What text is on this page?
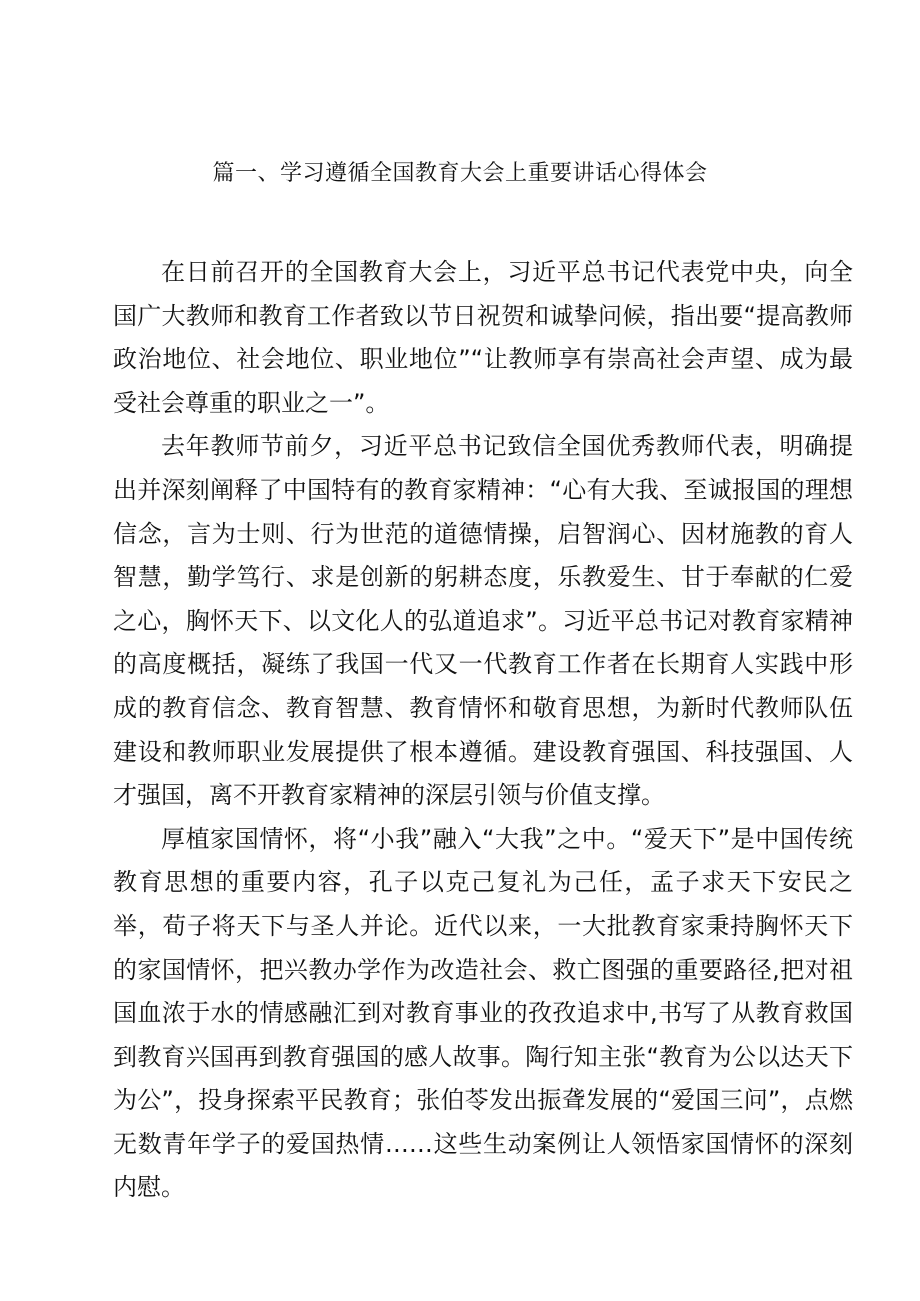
篇一、学习遵循全国教育大会上重要讲话心得体会

在日前召开的全国教育大会上，习近平总书记代表党中央，向全国广大教师和教育工作者致以节日祝贺和诚挚问候，指出要“提高教师政治地位、社会地位、职业地位”“让教师享有崇高社会声望、成为最受社会尊重的职业之一”。

去年教师节前夕，习近平总书记致信全国优秀教师代表，明确提出并深刻阐释了中国特有的教育家精神：“心有大我、至诚报国的理想信念，言为士则、行为世范的道德情操，启智润心、因材施教的育人智慧，勤学笃行、求是创新的躬耕态度，乐教爱生、甘于奉献的仁爱之心，胸怀天下、以文化人的弘道追求”。习近平总书记对教育家精神的高度概括，凝练了我国一代又一代教育工作者在长期育人实践中形成的教育信念、教育智慧、教育情怀和敬育思想，为新时代教师队伍建设和教师职业发展提供了根本遵循。建设教育强国、科技强国、人才强国，离不开教育家精神的深层引领与价值支撑。

厚植家国情怀，将“小我”融入“大我”之中。“爱天下”是中国传统教育思想的重要内容，孔子以克己复礼为己任，孟子求天下安民之举，荀子将天下与圣人并论。近代以来，一大批教育家秉持胸怀天下的家国情怀，把兴教办学作为改造社会、救亡图强的重要路径,把对祖国血浓于水的情感融汇到对教育事业的孜孜追求中,书写了从教育救国到教育兴国再到教育强国的感人故事。陶行知主张“教育为公以达天下为公”，投身探索平民教育；张伯苓发出振聋发展的“爱国三问”，点燃无数青年学子的爱国热情……这些生动案例让人领悟家国情怀的深刻内慰。
